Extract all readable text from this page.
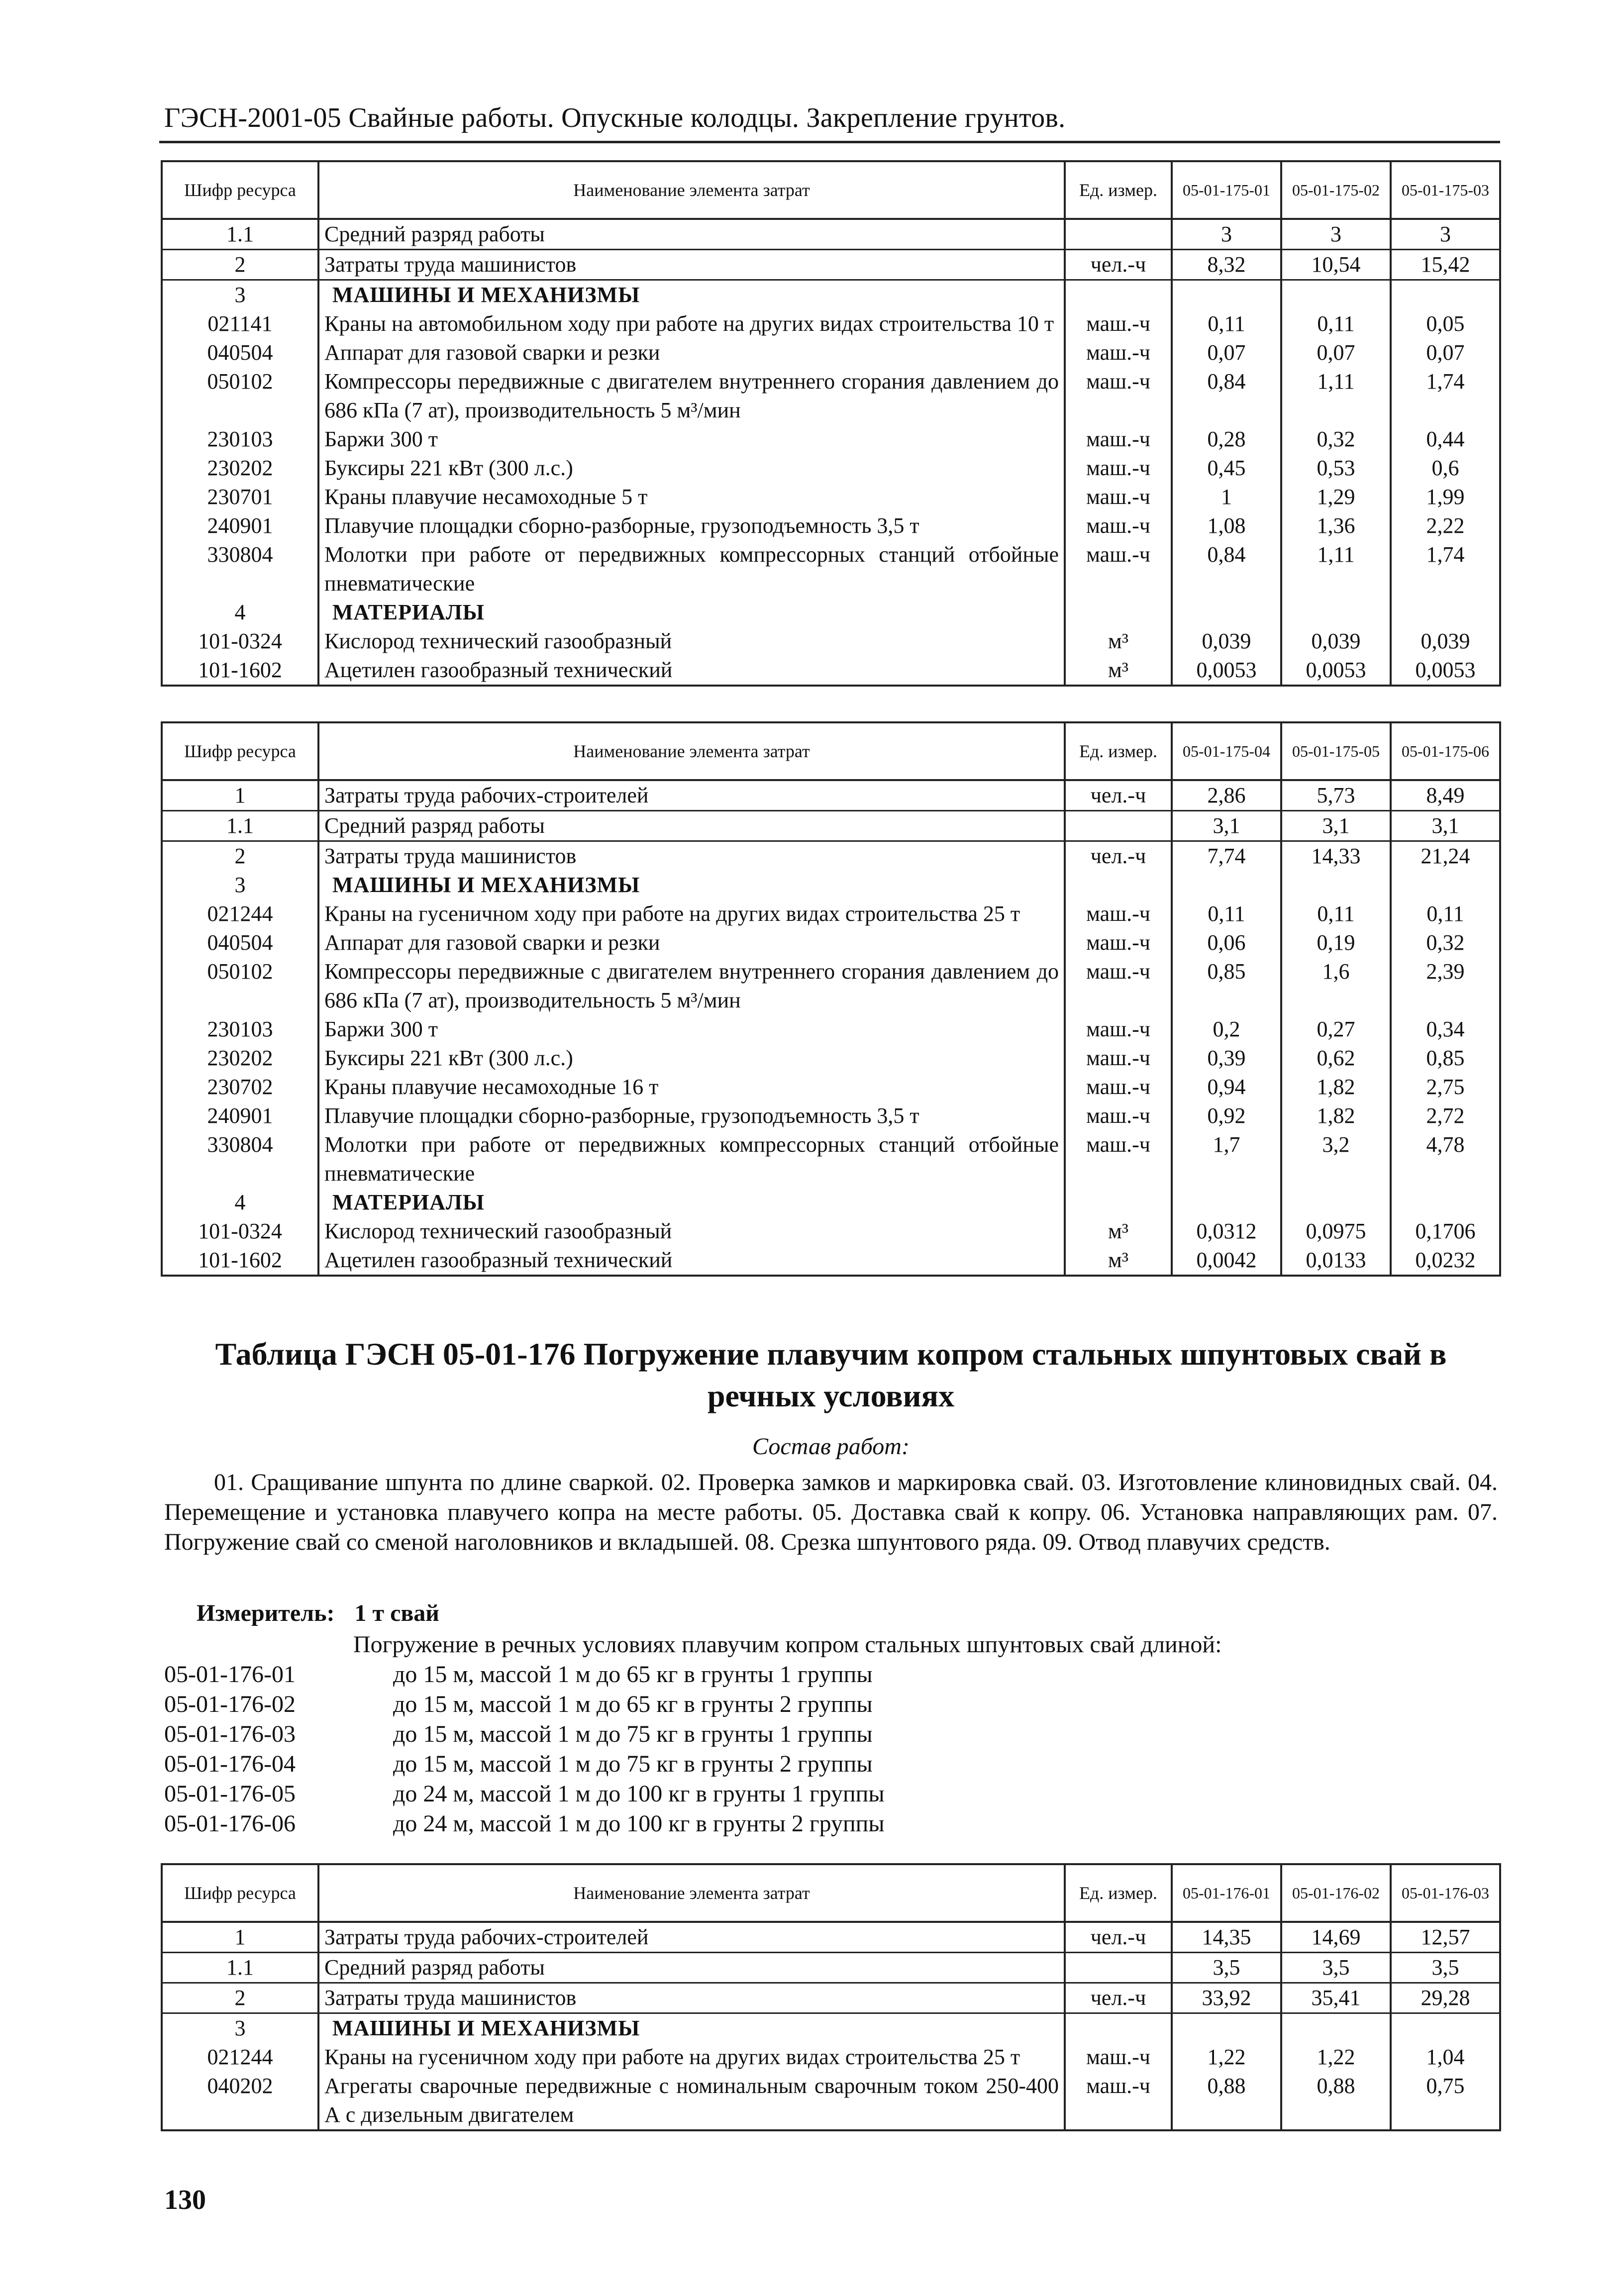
ГЭСН-2001-05 Свайные работы. Опускные колодцы. Закрепление грунтов.
Шифр ресурса	Наименование элемента затрат	Ед. измер.	05-01-175-01	05-01-175-02	05-01-175-03
1.1	Средний разряд работы		3	3	3
2	Затраты труда машинистов	чел.-ч	8,32	10,54	15,42
3	МАШИНЫ И МЕХАНИЗМЫ				
021141	Краны на автомобильном ходу при работе на других видах строительства 10 т	маш.-ч	0,11	0,11	0,05
040504	Аппарат для газовой сварки и резки	маш.-ч	0,07	0,07	0,07
050102	Компрессоры передвижные с двигателем внутреннего сгорания давлением до 686 кПа (7 ат), производительность 5 м³/мин	маш.-ч	0,84	1,11	1,74
230103	Баржи 300 т	маш.-ч	0,28	0,32	0,44
230202	Буксиры 221 кВт (300 л.с.)	маш.-ч	0,45	0,53	0,6
230701	Краны плавучие несамоходные 5 т	маш.-ч	1	1,29	1,99
240901	Плавучие площадки сборно-разборные, грузоподъемность 3,5 т	маш.-ч	1,08	1,36	2,22
330804	Молотки при работе от передвижных компрессорных станций отбойные пневматические	маш.-ч	0,84	1,11	1,74
4	МАТЕРИАЛЫ				
101-0324	Кислород технический газообразный	м³	0,039	0,039	0,039
101-1602	Ацетилен газообразный технический	м³	0,0053	0,0053	0,0053
Шифр ресурса	Наименование элемента затрат	Ед. измер.	05-01-175-04	05-01-175-05	05-01-175-06
1	Затраты труда рабочих-строителей	чел.-ч	2,86	5,73	8,49
1.1	Средний разряд работы		3,1	3,1	3,1
2	Затраты труда машинистов	чел.-ч	7,74	14,33	21,24
3	МАШИНЫ И МЕХАНИЗМЫ				
021244	Краны на гусеничном ходу при работе на других видах строительства 25 т	маш.-ч	0,11	0,11	0,11
040504	Аппарат для газовой сварки и резки	маш.-ч	0,06	0,19	0,32
050102	Компрессоры передвижные с двигателем внутреннего сгорания давлением до 686 кПа (7 ат), производительность 5 м³/мин	маш.-ч	0,85	1,6	2,39
230103	Баржи 300 т	маш.-ч	0,2	0,27	0,34
230202	Буксиры 221 кВт (300 л.с.)	маш.-ч	0,39	0,62	0,85
230702	Краны плавучие несамоходные 16 т	маш.-ч	0,94	1,82	2,75
240901	Плавучие площадки сборно-разборные, грузоподъемность 3,5 т	маш.-ч	0,92	1,82	2,72
330804	Молотки при работе от передвижных компрессорных станций отбойные пневматические	маш.-ч	1,7	3,2	4,78
4	МАТЕРИАЛЫ				
101-0324	Кислород технический газообразный	м³	0,0312	0,0975	0,1706
101-1602	Ацетилен газообразный технический	м³	0,0042	0,0133	0,0232
Таблица ГЭСН 05-01-176 Погружение плавучим копром стальных шпунтовых свай в речных условиях
Состав работ:
01. Сращивание шпунта по длине сваркой. 02. Проверка замков и маркировка свай. 03. Изготовление клиновидных свай. 04. Перемещение и установка плавучего копра на месте работы. 05. Доставка свай к копру. 06. Установка направляющих рам. 07. Погружение свай со сменой наголовников и вкладышей. 08. Срезка шпунтового ряда. 09. Отвод плавучих средств.
Измеритель: 1 т свай
Погружение в речных условиях плавучим копром стальных шпунтовых свай длиной:
05-01-176-01	до 15 м, массой 1 м до 65 кг в грунты 1 группы
05-01-176-02	до 15 м, массой 1 м до 65 кг в грунты 2 группы
05-01-176-03	до 15 м, массой 1 м до 75 кг в грунты 1 группы
05-01-176-04	до 15 м, массой 1 м до 75 кг в грунты 2 группы
05-01-176-05	до 24 м, массой 1 м до 100 кг в грунты 1 группы
05-01-176-06	до 24 м, массой 1 м до 100 кг в грунты 2 группы
Шифр ресурса	Наименование элемента затрат	Ед. измер.	05-01-176-01	05-01-176-02	05-01-176-03
1	Затраты труда рабочих-строителей	чел.-ч	14,35	14,69	12,57
1.1	Средний разряд работы		3,5	3,5	3,5
2	Затраты труда машинистов	чел.-ч	33,92	35,41	29,28
3	МАШИНЫ И МЕХАНИЗМЫ				
021244	Краны на гусеничном ходу при работе на других видах строительства 25 т	маш.-ч	1,22	1,22	1,04
040202	Агрегаты сварочные передвижные с номинальным сварочным током 250-400 А с дизельным двигателем	маш.-ч	0,88	0,88	0,75
130
